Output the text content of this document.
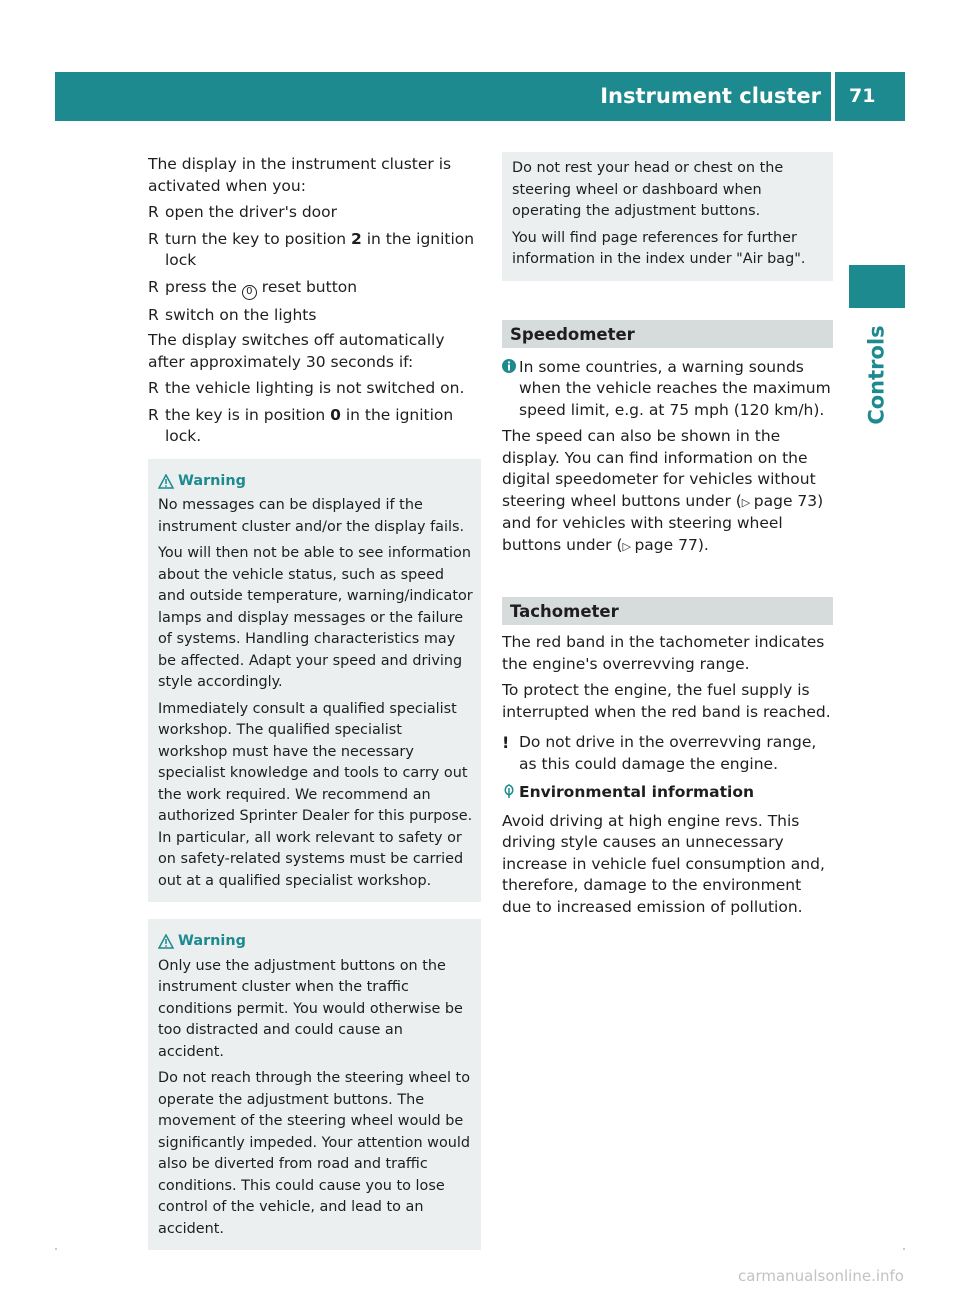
Instrument cluster	71
Controls

The display in the instrument cluster is activated when you:

R open the driver's door
R turn the key to position 2 in the ignition lock
R press the 0 reset button
R switch on the lights

The display switches off automatically after approximately 30 seconds if:

R the vehicle lighting is not switched on.
R the key is in position 0 in the ignition lock.
Warning

No messages can be displayed if the instrument cluster and/or the display fails.

You will then not be able to see information about the vehicle status, such as speed and outside temperature, warning/indicator lamps and display messages or the failure of systems. Handling characteristics may be affected. Adapt your speed and driving style accordingly.

Immediately consult a qualified specialist workshop. The qualified specialist workshop must have the necessary specialist knowledge and tools to carry out the work required. We recommend an authorized Sprinter Dealer for this purpose. In particular, all work relevant to safety or on safety-related systems must be carried out at a qualified specialist workshop.

Warning

Only use the adjustment buttons on the instrument cluster when the traffic conditions permit. You would otherwise be too distracted and could cause an accident.

Do not reach through the steering wheel to operate the adjustment buttons. The movement of the steering wheel would be significantly impeded. Your attention would also be diverted from road and traffic conditions. This could cause you to lose control of the vehicle, and lead to an accident.

Do not rest your head or chest on the steering wheel or dashboard when operating the adjustment buttons.

You will find page references for further information in the index under "Air bag".

Speedometer
In some countries, a warning sounds when the vehicle reaches the maximum speed limit, e.g. at 75 mph (120 km/h).

The speed can also be shown in the display. You can find information on the digital speedometer for vehicles without steering wheel buttons under (▷ page 73) and for vehicles with steering wheel buttons under (▷ page 77).

Tachometer

The red band in the tachometer indicates the engine's overrevving range.

To protect the engine, the fuel supply is interrupted when the red band is reached.

! Do not drive in the overrevving range, as this could damage the engine.
Environmental information

Avoid driving at high engine revs. This driving style causes an unnecessary increase in vehicle fuel consumption and, therefore, damage to the environment due to increased emission of pollution.

carmanualsonline.info
